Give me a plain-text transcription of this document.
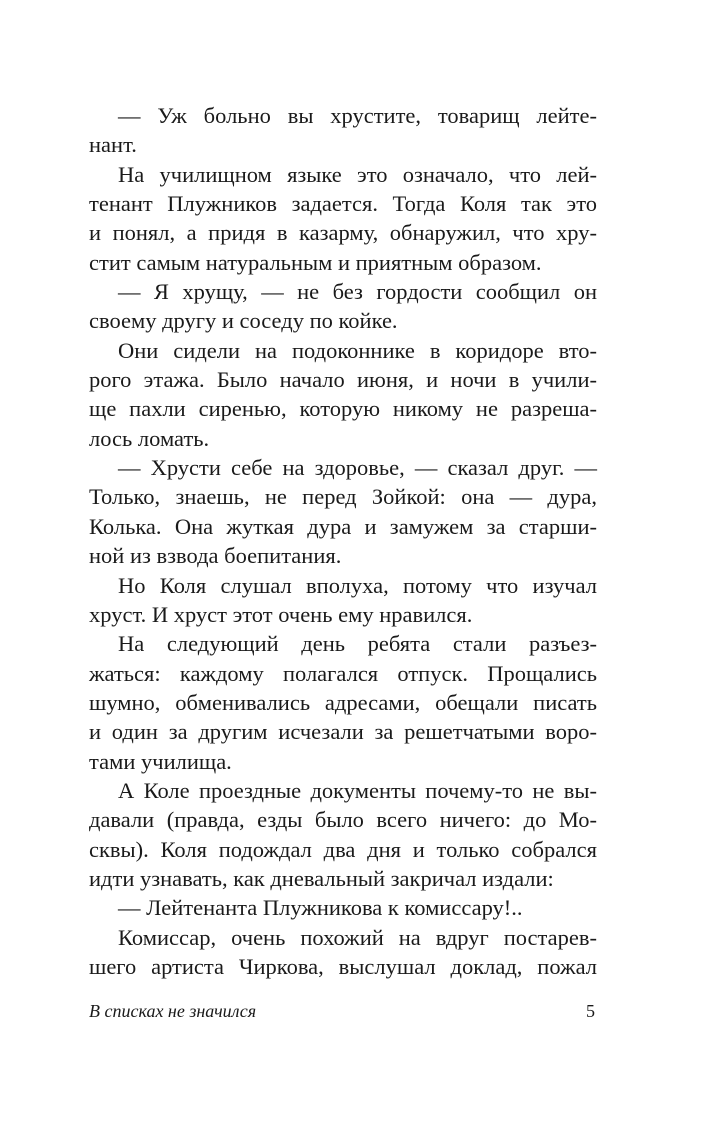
— Уж больно вы хрустите, товарищ лейте-
нант.
На училищном языке это означало, что лей-
тенант Плужников задается. Тогда Коля так это
и понял, а придя в казарму, обнаружил, что хру-
стит самым натуральным и приятным образом.
— Я хрущу, — не без гордости сообщил он
своему другу и соседу по койке.
Они сидели на подоконнике в коридоре вто-
рого этажа. Было начало июня, и ночи в учили-
ще пахли сиренью, которую никому не разреша-
лось ломать.
— Хрусти себе на здоровье, — сказал друг. —
Только, знаешь, не перед Зойкой: она — дура,
Колька. Она жуткая дура и замужем за старши-
ной из взвода боепитания.
Но Коля слушал вполуха, потому что изучал
хруст. И хруст этот очень ему нравился.
На следующий день ребята стали разъез-
жаться: каждому полагался отпуск. Прощались
шумно, обменивались адресами, обещали писать
и один за другим исчезали за решетчатыми воро-
тами училища.
А Коле проездные документы почему-то не вы-
давали (правда, езды было всего ничего: до Мо-
сквы). Коля подождал два дня и только собрался
идти узнавать, как дневальный закричал издали:
— Лейтенанта Плужникова к комиссару!..
Комиссар, очень похожий на вдруг постарев-
шего артиста Чиркова, выслушал доклад, пожал
В списках не значился	5
